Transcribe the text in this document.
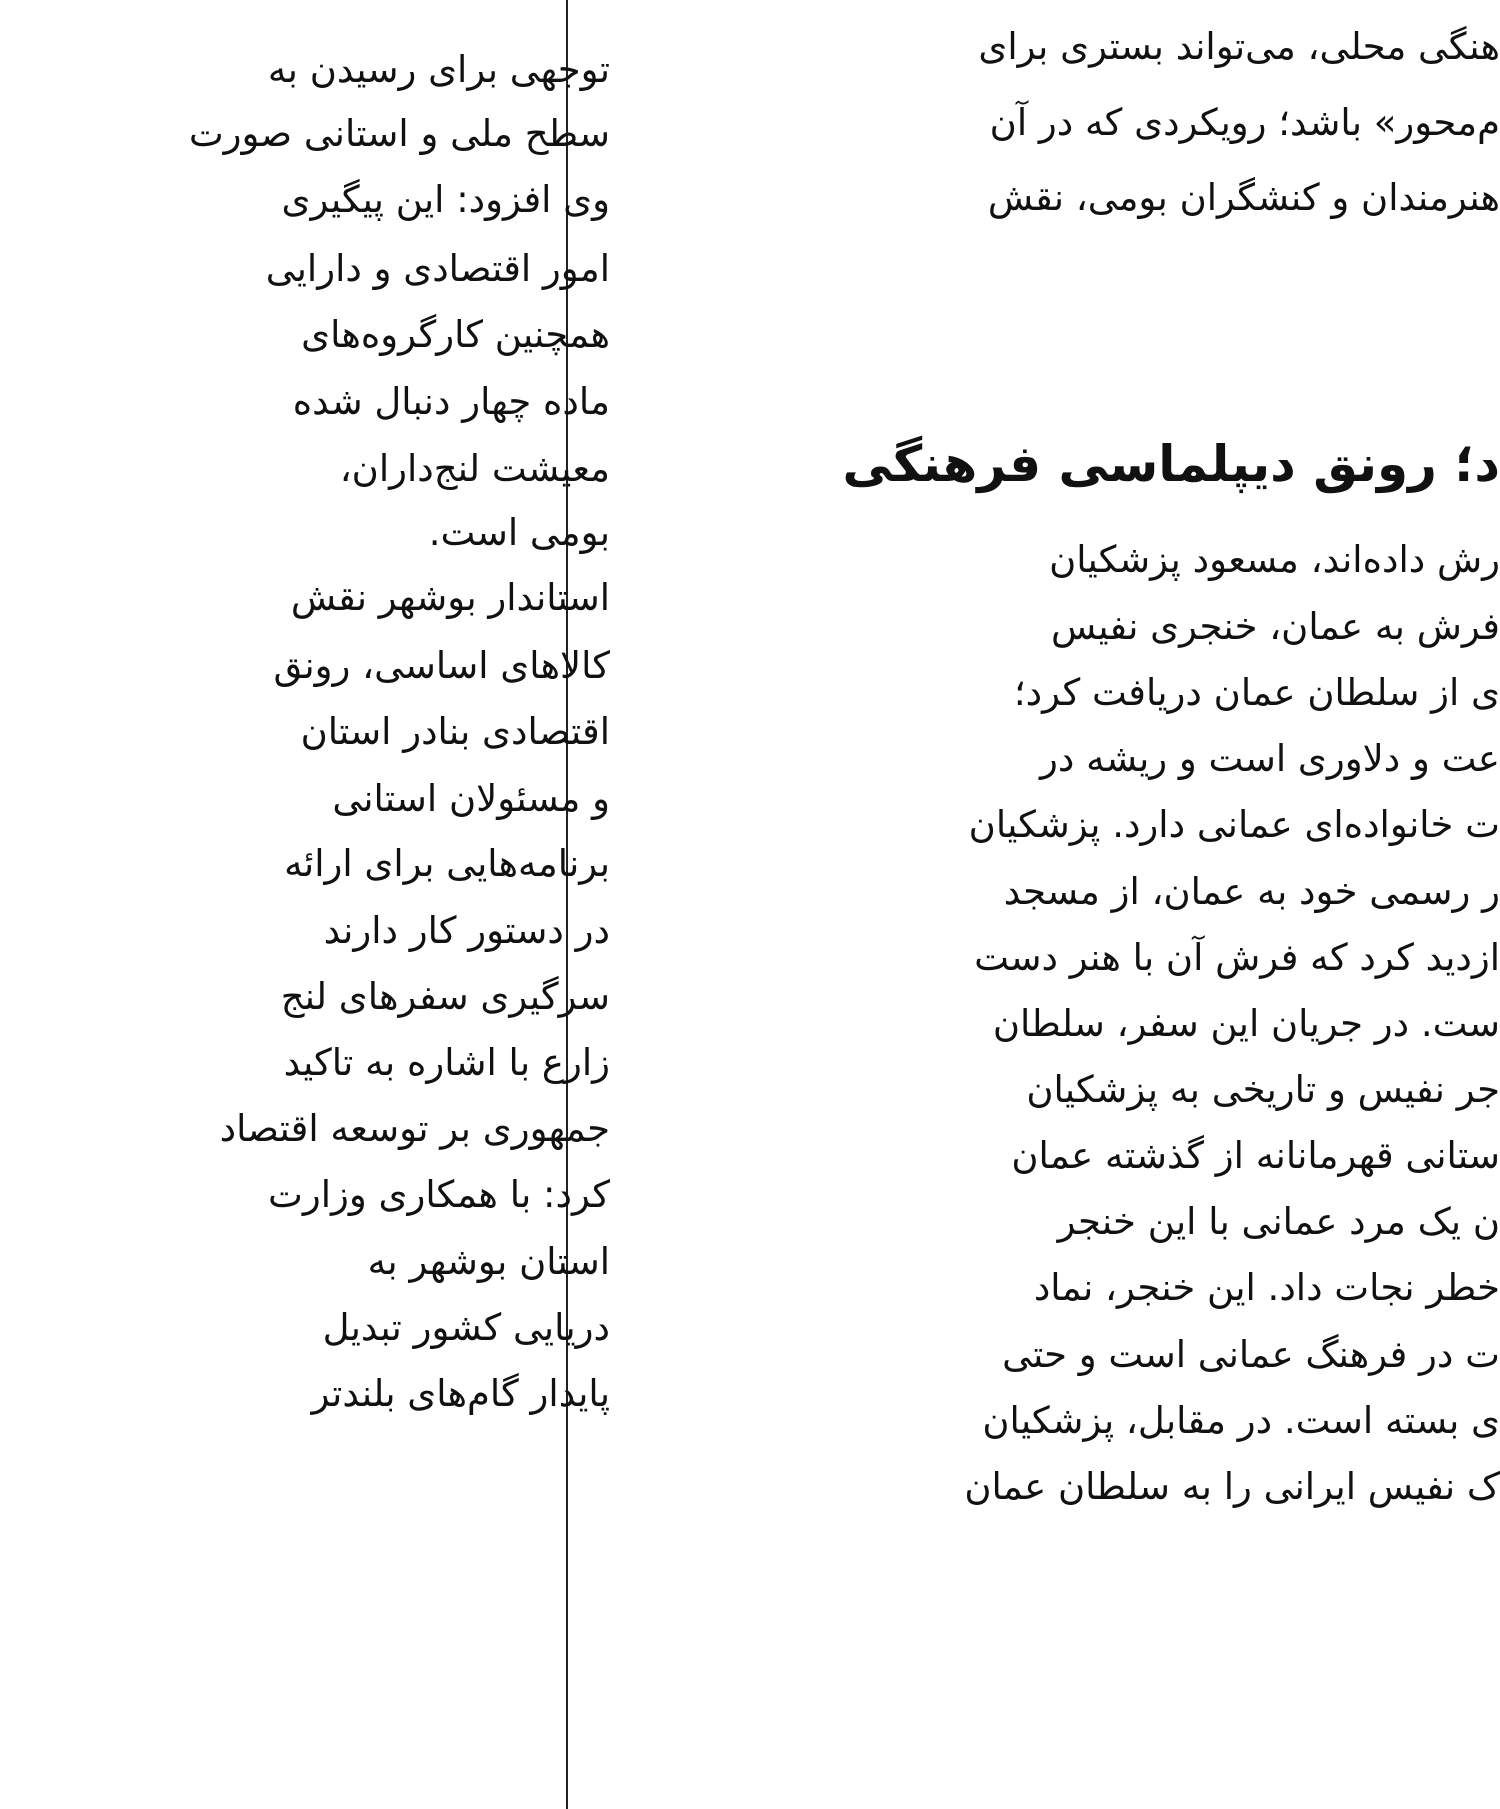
توجهی برای رسیدن به
سطح ملی و استانی صورت
وی افزود: این پیگیری
امور اقتصادی و دارایی
همچنین کارگروه‌های
ماده چهار دنبال شده
معیشت لنج‌داران،
بومی است.
استاندار بوشهر نقش
کالاهای اساسی، رونق
اقتصادی بنادر استان
و مسئولان استانی
برنامه‌هایی برای ارائه
در دستور کار دارند
سرگیری سفرهای لنج
زارع با اشاره به تاکید
جمهوری بر توسعه اقتصاد
کرد: با همکاری وزارت
استان بوشهر به
دریایی کشور تبدیل
پایدار گام‌های بلندتر
هنگی محلی، می‌تواند بستری برای
م‌محور» باشد؛ رویکردی که در آن
هنرمندان و کنشگران بومی، نقش
د؛ رونق دیپلماسی فرهنگی
رش داده‌اند، مسعود پزشکیان
فرش به عمان، خنجری نفیس
ی از سلطان عمان دریافت کرد؛
عت و دلاوری است و ریشه در
ت خانواده‌ای عمانی دارد. پزشکیان
ر رسمی خود به عمان، از مسجد
ازدید کرد که فرش آن با هنر دست
ست. در جریان این سفر، سلطان
جر نفیس و تاریخی به پزشکیان
ستانی قهرمانانه از گذشته عمان
ن یک مرد عمانی با این خنجر
خطر نجات داد. این خنجر، نماد
ت در فرهنگ عمانی است و حتی
ی بسته است. در مقابل، پزشکیان
ک نفیس ایرانی را به سلطان عمان
